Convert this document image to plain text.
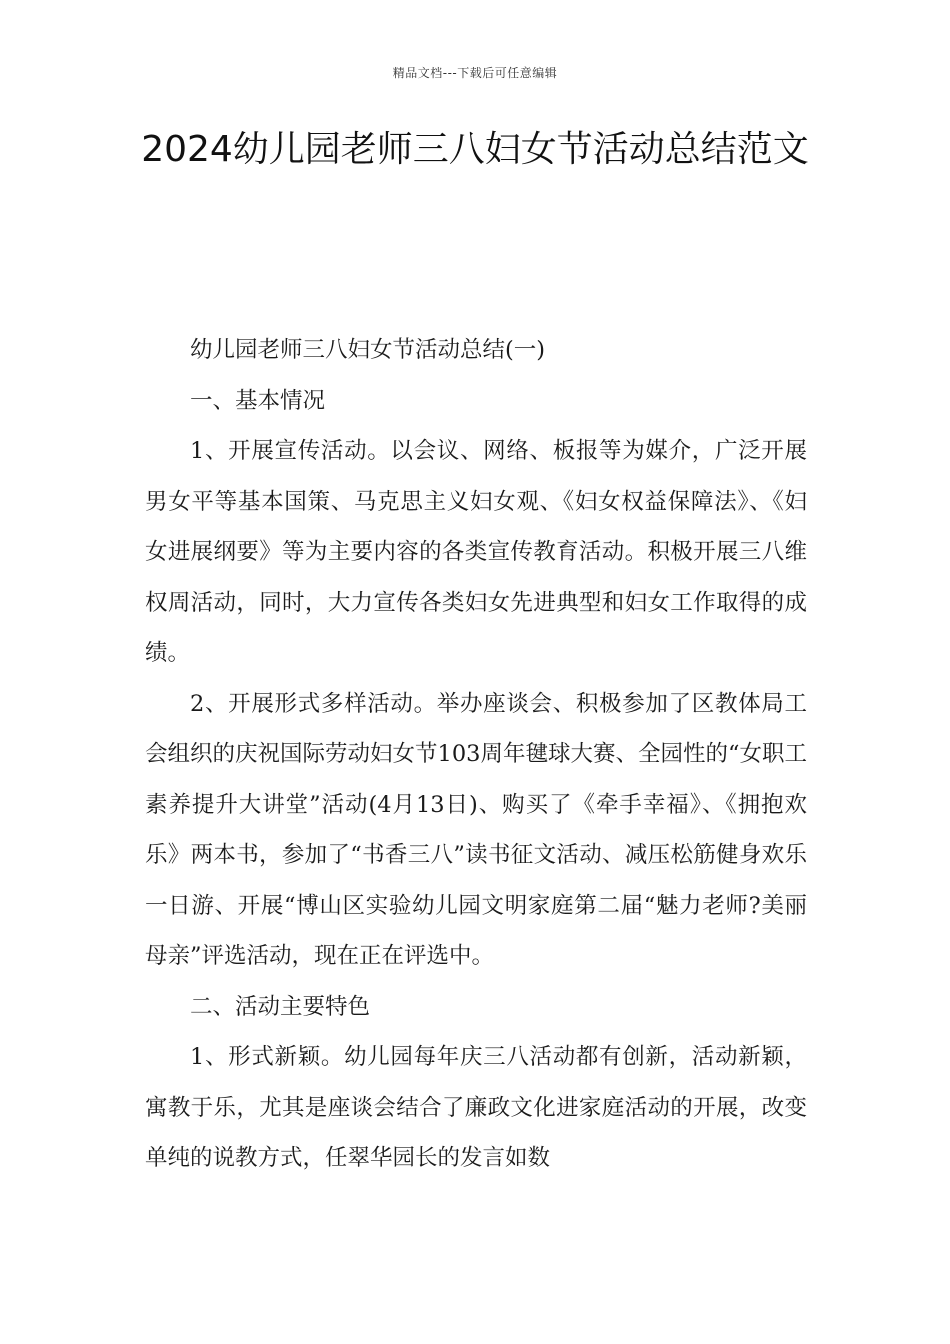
精品文档---下载后可任意编辑
2024幼儿园老师三八妇女节活动总结范文

幼儿园老师三八妇女节活动总结(一)

一、基本情况

1、开展宣传活动。以会议、网络、板报等为媒介，广泛开展男女平等基本国策、马克思主义妇女观、《妇女权益保障法》、《妇女进展纲要》等为主要内容的各类宣传教育活动。积极开展三八维权周活动，同时，大力宣传各类妇女先进典型和妇女工作取得的成绩。

2、开展形式多样活动。举办座谈会、积极参加了区教体局工会组织的庆祝国际劳动妇女节103周年毽球大赛、全园性的“女职工素养提升大讲堂”活动(4月13日)、购买了《牵手幸福》、《拥抱欢乐》两本书，参加了“书香三八”读书征文活动、减压松筋健身欢乐一日游、开展“博山区实验幼儿园文明家庭第二届“魅力老师?美丽母亲”评选活动，现在正在评选中。

二、活动主要特色

1、形式新颖。幼儿园每年庆三八活动都有创新，活动新颖，寓教于乐，尤其是座谈会结合了廉政文化进家庭活动的开展，改变单纯的说教方式，任翠华园长的发言如数
